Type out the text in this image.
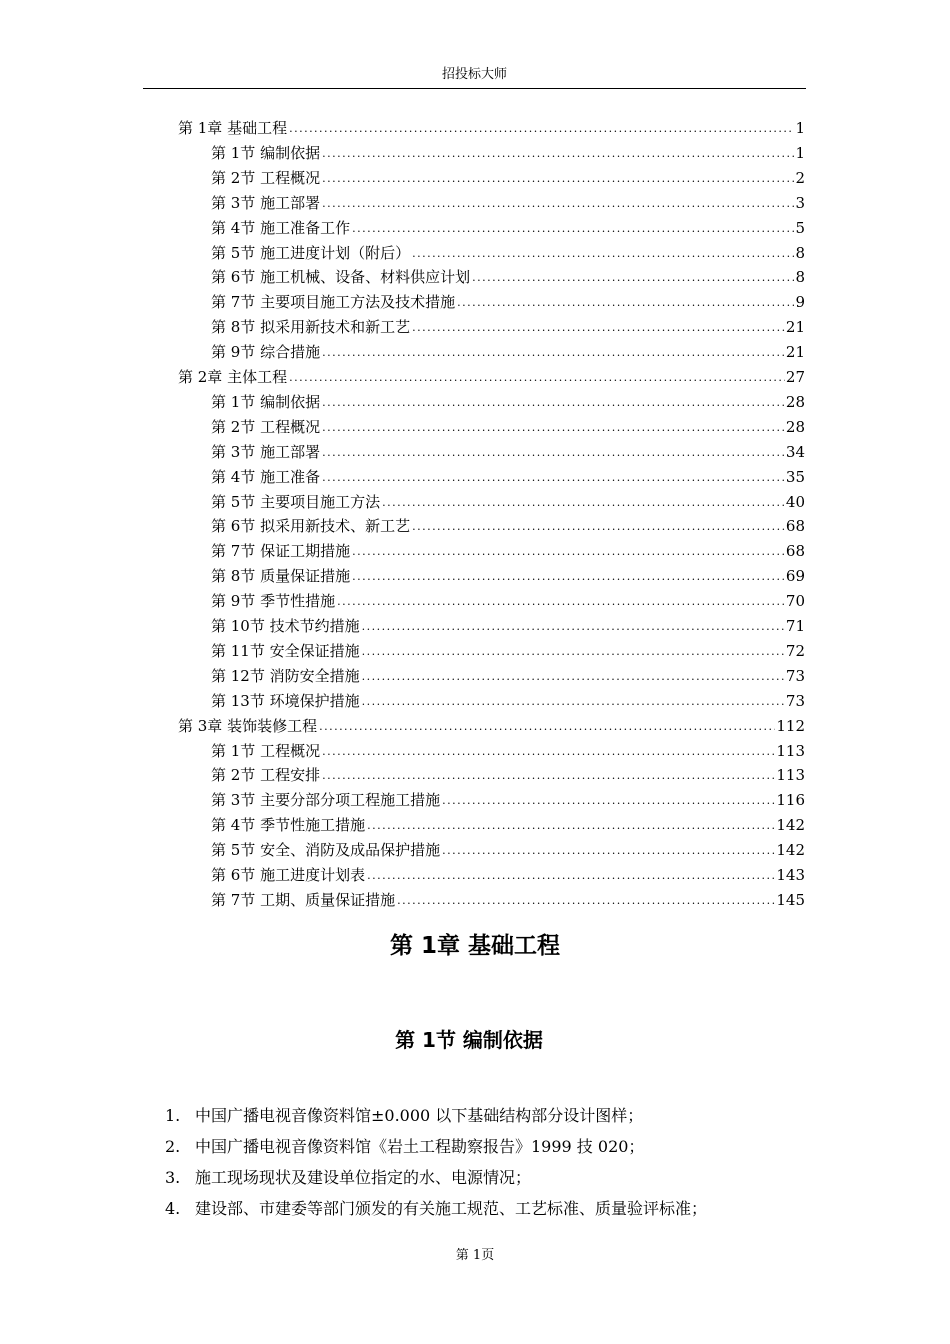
招投标大师
第 1章 基础工程 . . .	1
第 1节 编制依据 . . .	1
第 2节 工程概况 . . .	2
第 3节 施工部署 . . .	3
第 4节 施工准备工作 . . .	5
第 5节 施工进度计划（附后） . . .	8
第 6节 施工机械、设备、材料供应计划 . . .	8
第 7节 主要项目施工方法及技术措施 . . .	9
第 8节 拟采用新技术和新工艺 . . .	21
第 9节 综合措施 . . .	21
第 2章 主体工程 . . .	27
第 1节 编制依据 . . .	28
第 2节 工程概况 . . .	28
第 3节 施工部署 . . .	34
第 4节 施工准备 . . .	35
第 5节 主要项目施工方法 . . .	40
第 6节 拟采用新技术、新工艺 . . .	68
第 7节 保证工期措施 . . .	68
第 8节 质量保证措施 . . .	69
第 9节 季节性措施 . . .	70
第 10节 技术节约措施 . . .	71
第 11节 安全保证措施 . . .	72
第 12节 消防安全措施 . . .	73
第 13节 环境保护措施 . . .	73
第 3章 装饰装修工程 . . .	112
第 1节 工程概况 . . .	113
第 2节 工程安排 . . .	113
第 3节 主要分部分项工程施工措施 . . .	116
第 4节 季节性施工措施 . . .	142
第 5节 安全、消防及成品保护措施 . . .	142
第 6节 施工进度计划表 . . .	143
第 7节 工期、质量保证措施 . . .	145
第 1章 基础工程
第 1节 编制依据
1. 中国广播电视音像资料馆±0.000 以下基础结构部分设计图样；
2. 中国广播电视音像资料馆《岩土工程勘察报告》1999 技 020；
3. 施工现场现状及建设单位指定的水、电源情况；
4. 建设部、市建委等部门颁发的有关施工规范、工艺标准、质量验评标准；
第 1页
